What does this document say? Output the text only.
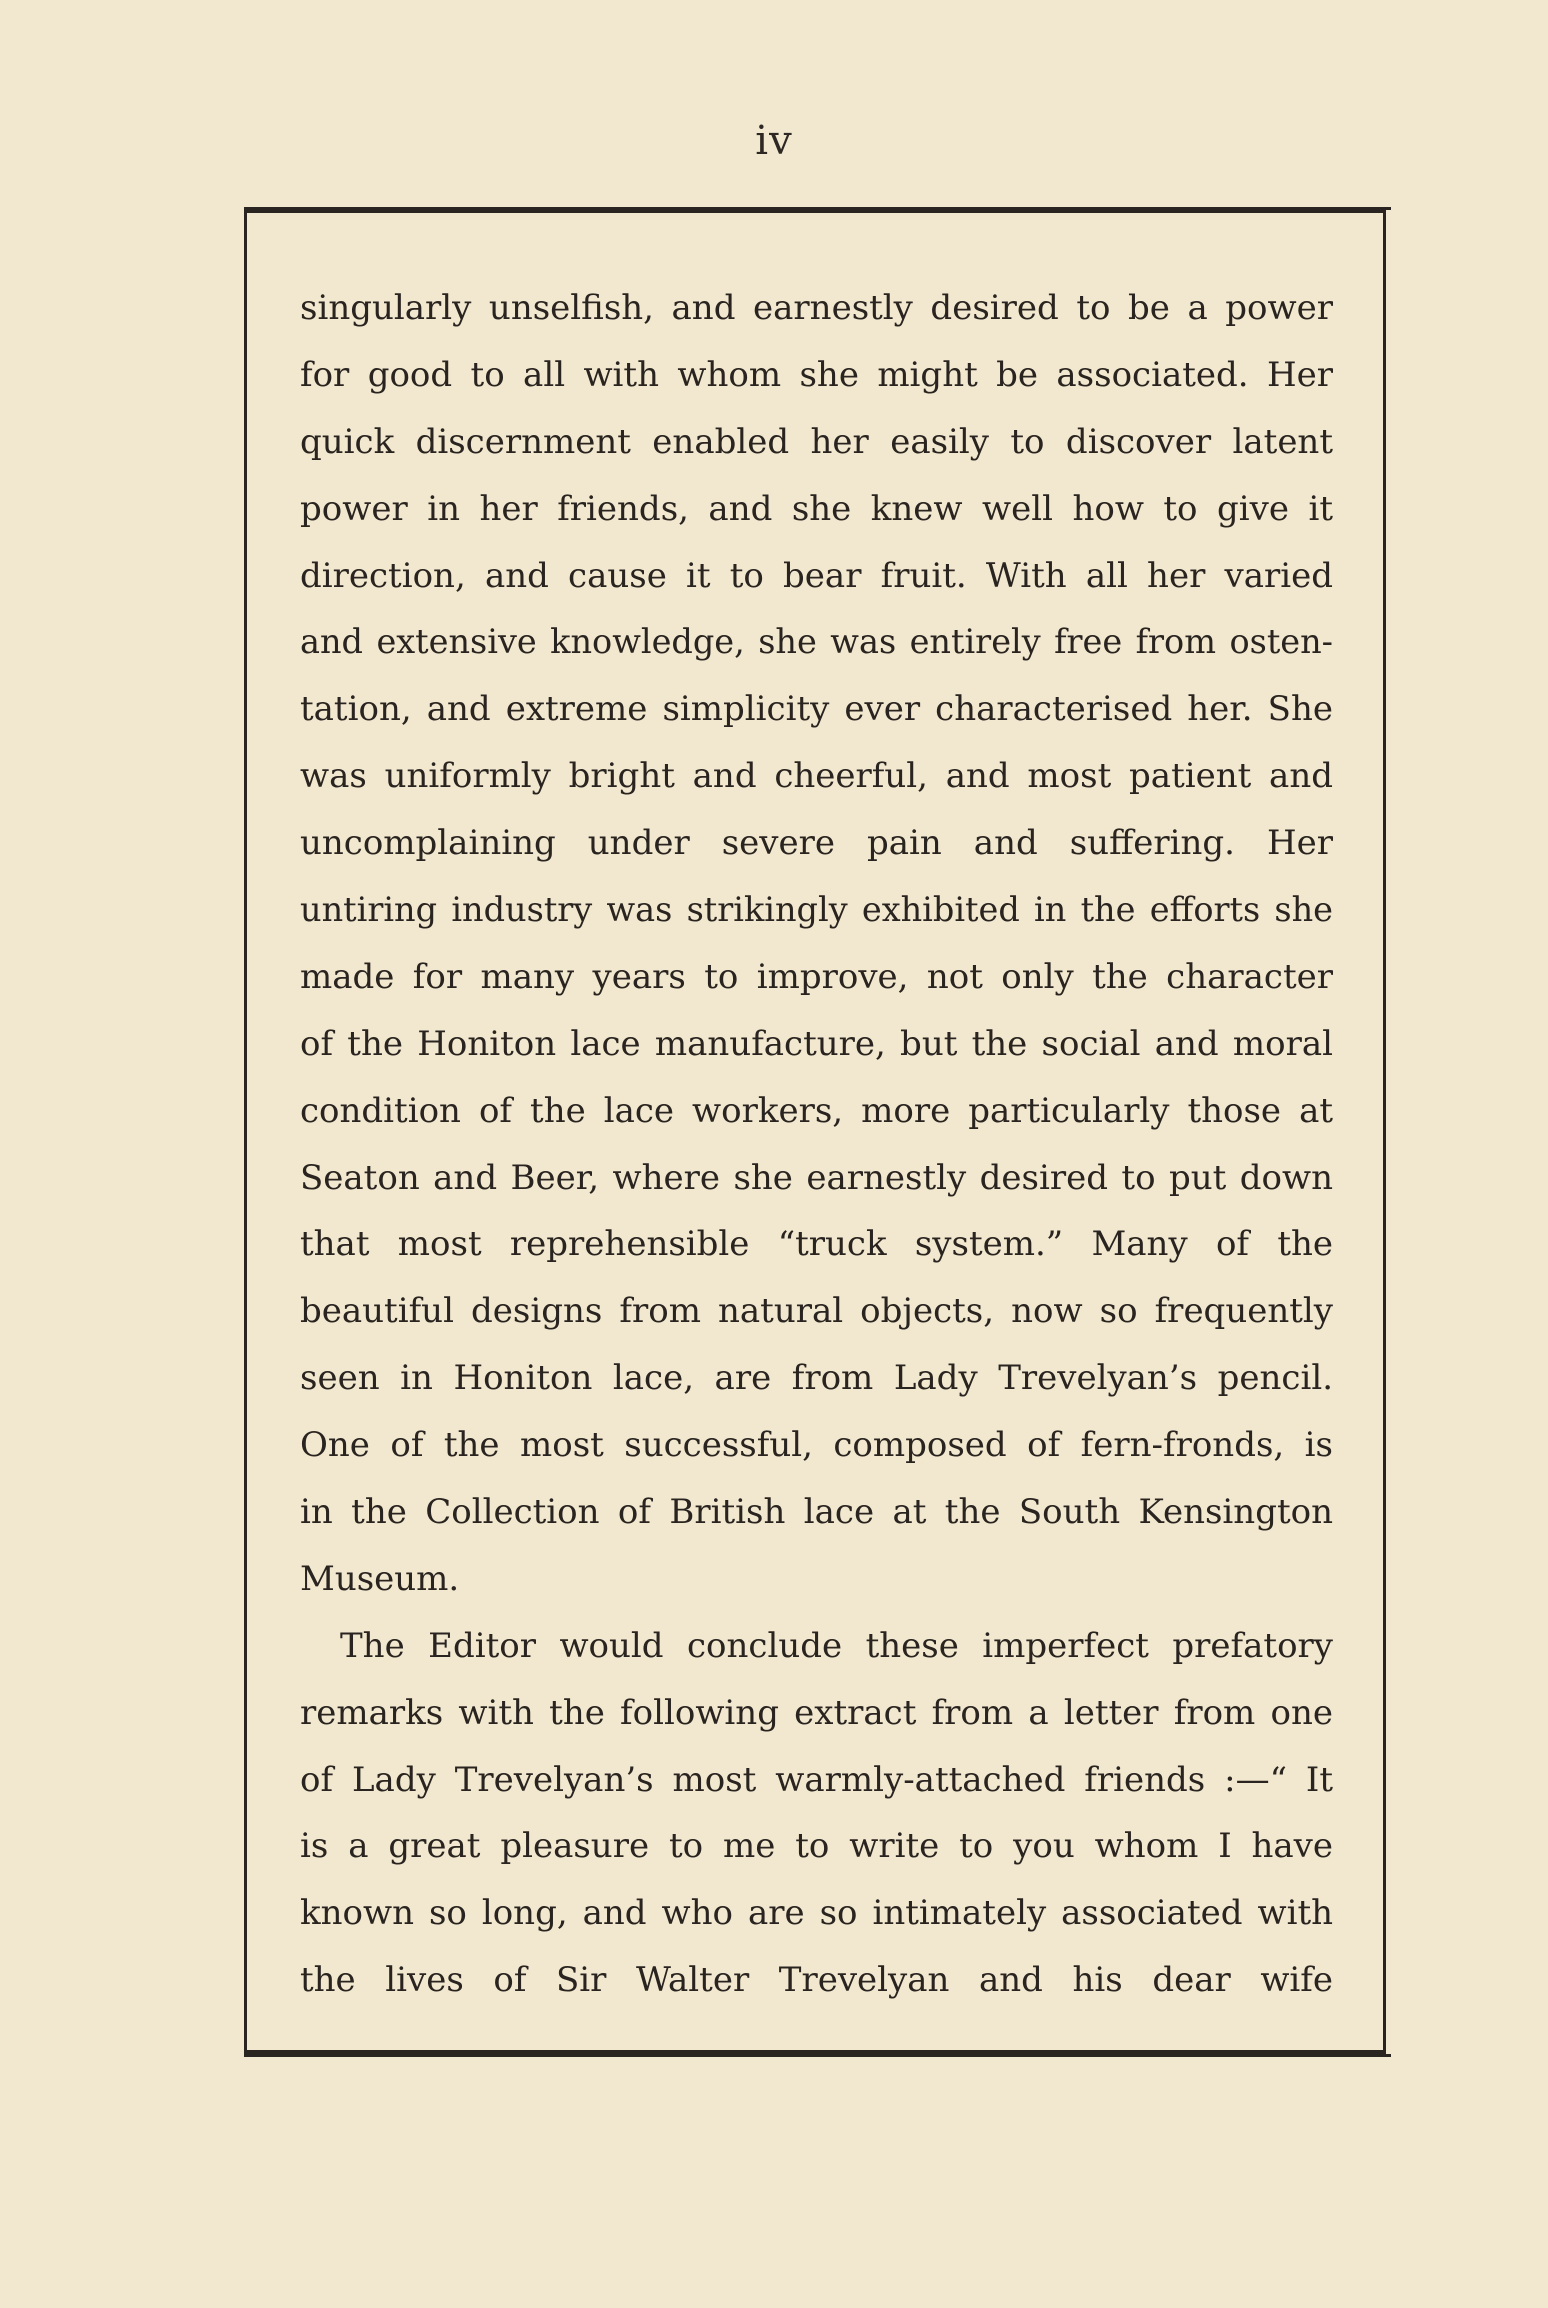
iv
singularly unselfish, and earnestly desired to be a power
for good to all with whom she might be associated. Her
quick discernment enabled her easily to discover latent
power in her friends, and she knew well how to give it
direction, and cause it to bear fruit. With all her varied
and extensive knowledge, she was entirely free from osten-
tation, and extreme simplicity ever characterised her. She
was uniformly bright and cheerful, and most patient and
uncomplaining under severe pain and suffering. Her
untiring industry was strikingly exhibited in the efforts she
made for many years to improve, not only the character
of the Honiton lace manufacture, but the social and moral
condition of the lace workers, more particularly those at
Seaton and Beer, where she earnestly desired to put down
that most reprehensible “truck system.” Many of the
beautiful designs from natural objects, now so frequently
seen in Honiton lace, are from Lady Trevelyan’s pencil.
One of the most successful, composed of fern-fronds, is
in the Collection of British lace at the South Kensington
Museum.
The Editor would conclude these imperfect prefatory
remarks with the following extract from a letter from one
of Lady Trevelyan’s most warmly-attached friends :—“ It
is a great pleasure to me to write to you whom I have
known so long, and who are so intimately associated with
the lives of Sir Walter Trevelyan and his dear wife
